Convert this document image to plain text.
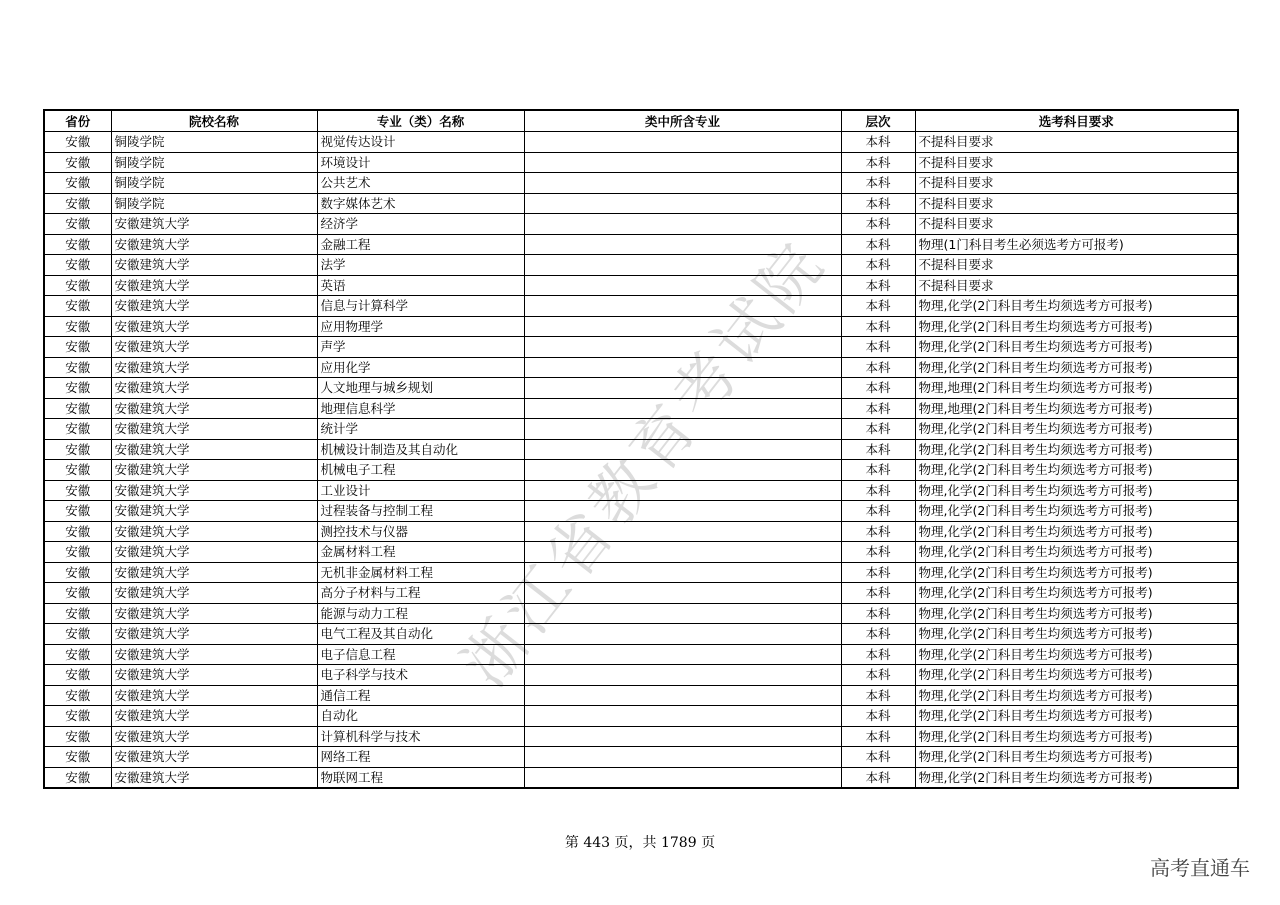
浙江省教育考试院
省份	院校名称	专业（类）名称	类中所含专业	层次	选考科目要求
安徽	铜陵学院	视觉传达设计		本科	不提科目要求
安徽	铜陵学院	环境设计		本科	不提科目要求
安徽	铜陵学院	公共艺术		本科	不提科目要求
安徽	铜陵学院	数字媒体艺术		本科	不提科目要求
安徽	安徽建筑大学	经济学		本科	不提科目要求
安徽	安徽建筑大学	金融工程		本科	物理(1门科目考生必须选考方可报考)
安徽	安徽建筑大学	法学		本科	不提科目要求
安徽	安徽建筑大学	英语		本科	不提科目要求
安徽	安徽建筑大学	信息与计算科学		本科	物理,化学(2门科目考生均须选考方可报考)
安徽	安徽建筑大学	应用物理学		本科	物理,化学(2门科目考生均须选考方可报考)
安徽	安徽建筑大学	声学		本科	物理,化学(2门科目考生均须选考方可报考)
安徽	安徽建筑大学	应用化学		本科	物理,化学(2门科目考生均须选考方可报考)
安徽	安徽建筑大学	人文地理与城乡规划		本科	物理,地理(2门科目考生均须选考方可报考)
安徽	安徽建筑大学	地理信息科学		本科	物理,地理(2门科目考生均须选考方可报考)
安徽	安徽建筑大学	统计学		本科	物理,化学(2门科目考生均须选考方可报考)
安徽	安徽建筑大学	机械设计制造及其自动化		本科	物理,化学(2门科目考生均须选考方可报考)
安徽	安徽建筑大学	机械电子工程		本科	物理,化学(2门科目考生均须选考方可报考)
安徽	安徽建筑大学	工业设计		本科	物理,化学(2门科目考生均须选考方可报考)
安徽	安徽建筑大学	过程装备与控制工程		本科	物理,化学(2门科目考生均须选考方可报考)
安徽	安徽建筑大学	测控技术与仪器		本科	物理,化学(2门科目考生均须选考方可报考)
安徽	安徽建筑大学	金属材料工程		本科	物理,化学(2门科目考生均须选考方可报考)
安徽	安徽建筑大学	无机非金属材料工程		本科	物理,化学(2门科目考生均须选考方可报考)
安徽	安徽建筑大学	高分子材料与工程		本科	物理,化学(2门科目考生均须选考方可报考)
安徽	安徽建筑大学	能源与动力工程		本科	物理,化学(2门科目考生均须选考方可报考)
安徽	安徽建筑大学	电气工程及其自动化		本科	物理,化学(2门科目考生均须选考方可报考)
安徽	安徽建筑大学	电子信息工程		本科	物理,化学(2门科目考生均须选考方可报考)
安徽	安徽建筑大学	电子科学与技术		本科	物理,化学(2门科目考生均须选考方可报考)
安徽	安徽建筑大学	通信工程		本科	物理,化学(2门科目考生均须选考方可报考)
安徽	安徽建筑大学	自动化		本科	物理,化学(2门科目考生均须选考方可报考)
安徽	安徽建筑大学	计算机科学与技术		本科	物理,化学(2门科目考生均须选考方可报考)
安徽	安徽建筑大学	网络工程		本科	物理,化学(2门科目考生均须选考方可报考)
安徽	安徽建筑大学	物联网工程		本科	物理,化学(2门科目考生均须选考方可报考)
第 443 页，共 1789 页
高考直通车
